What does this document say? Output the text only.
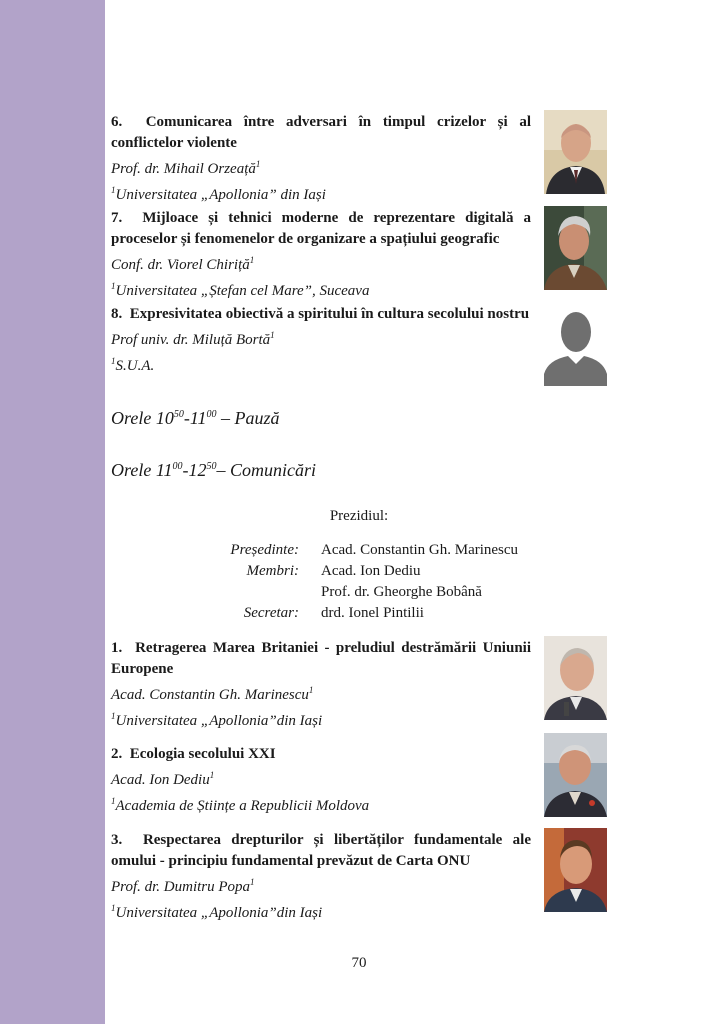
6. Comunicarea între adversari în timpul crizelor și al conflictelor violente
Prof. dr. Mihail Orzeață$^1$
$^1$Universitatea „Apollonia” din Iași
7. Mijloace și tehnici moderne de reprezentare digitală a proceselor și fenomenelor de organizare a spațiului geografic
Conf. dr. Viorel Chiriță$^1$
$^1$Universitatea „Ștefan cel Mare”, Suceava
8. Expresivitatea obiectivă a spiritului în cultura secolului nostru
Prof univ. dr. Miluță Bortă$^1$
$^1$S.U.A.
Orele $10^{50}-11^{00}$ – Pauză
Orele $11^{00}-12^{50}-$ Comunicări
Prezidiul:
Președinte: Acad. Constantin Gh. Marinescu
Membri: Acad. Ion Dediu
Prof. dr. Gheorghe Bobână
Secretar: drd. Ionel Pintilii
1. Retragerea Marea Britaniei - preludiul destrămării Uniunii Europene
Acad. Constantin Gh. Marinescu$^1$
$^1$Universitatea „Apollonia”din Iași
2. Ecologia secolului XXI
Acad. Ion Dediu$^1$
$^1$Academia de Științe a Republicii Moldova
3. Respectarea drepturilor și libertăților fundamentale ale omului - principiu fundamental prevăzut de Carta ONU
Prof. dr. Dumitru Popa$^1$
$^1$Universitatea „Apollonia”din Iași
70
